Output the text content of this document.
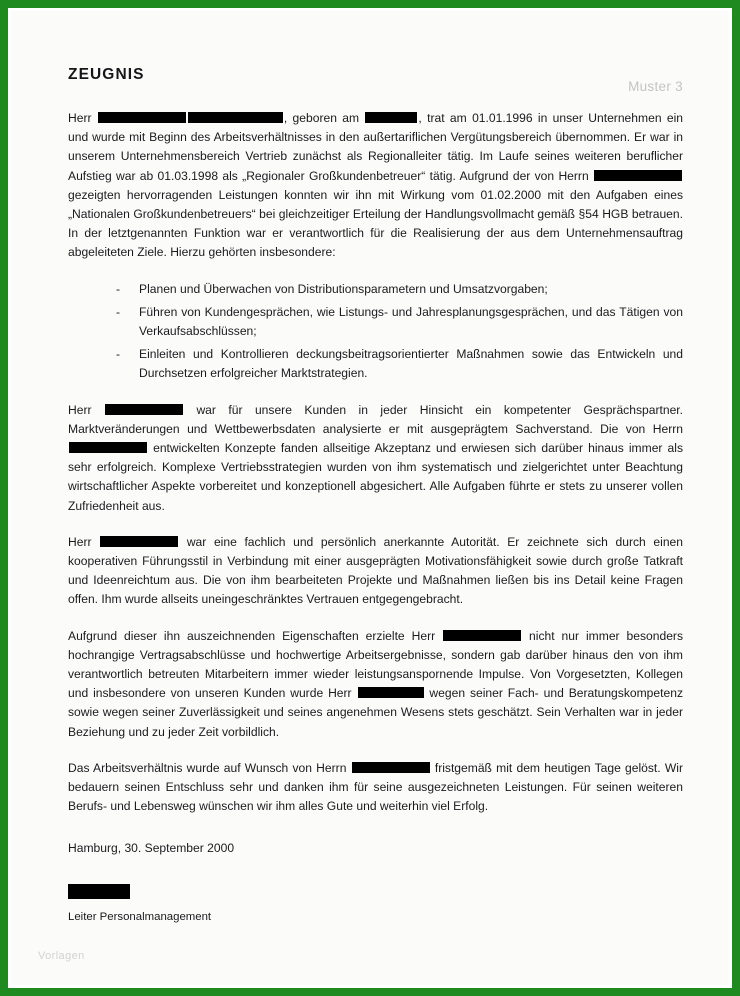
Muster 3
ZEUGNIS

Herr	, geboren am	, trat am 01.01.1996 in unser Unternehmen ein und wurde mit Beginn des Arbeitsverhältnisses in den außertariflichen Vergütungsbereich übernommen. Er war in unserem Unternehmensbereich Vertrieb zunächst als Regionalleiter tätig. Im Laufe seines weiteren beruflicher Aufstieg war ab 01.03.1998 als „Regionaler Großkundenbetreuer“ tätig. Aufgrund der von Herrn  gezeigten hervorragenden Leistungen konnten wir ihn mit Wirkung vom 01.02.2000 mit den Aufgaben eines „Nationalen Großkundenbetreuers“ bei gleichzeitiger Erteilung der Handlungsvollmacht gemäß §54 HGB betrauen. In der letztgenannten Funktion war er verantwortlich für die Realisierung der aus dem Unternehmensauftrag abgeleiteten Ziele. Hierzu gehörten insbesondere:

- Planen und Überwachen von Distributionsparametern und Umsatzvorgaben;
- Führen von Kundengesprächen, wie Listungs- und Jahresplanungsgesprächen, und das Tätigen von Verkaufsabschlüssen;
- Einleiten und Kontrollieren deckungsbeitragsorientierter Maßnahmen sowie das Entwickeln und Durchsetzen erfolgreicher Marktstrategien.

Herr	war für unsere Kunden in jeder Hinsicht ein kompetenter Gesprächspartner. Marktveränderungen und Wettbewerbsdaten analysierte er mit ausgeprägtem Sachverstand. Die von Herrn  entwickelten Konzepte fanden allseitige Akzeptanz und erwiesen sich darüber hinaus immer als sehr erfolgreich. Komplexe Vertriebsstrategien wurden von ihm systematisch und zielgerichtet unter Beachtung wirtschaftlicher Aspekte vorbereitet und konzeptionell abgesichert. Alle Aufgaben führte er stets zu unserer vollen Zufriedenheit aus.

Herr	war eine fachlich und persönlich anerkannte Autorität. Er zeichnete sich durch einen kooperativen Führungsstil in Verbindung mit einer ausgeprägten Motivationsfähigkeit sowie durch große Tatkraft und Ideenreichtum aus. Die von ihm bearbeiteten Projekte und Maßnahmen ließen bis ins Detail keine Fragen offen. Ihm wurde allseits uneingeschränktes Vertrauen entgegengebracht.

Aufgrund dieser ihn auszeichnenden Eigenschaften erzielte Herr	nicht nur immer besonders hochrangige Vertragsabschlüsse und hochwertige Arbeitsergebnisse, sondern gab darüber hinaus den von ihm verantwortlich betreuten Mitarbeitern immer wieder leistungsanspornende Impulse. Von Vorgesetzten, Kollegen und insbesondere von unseren Kunden wurde Herr	wegen seiner Fach- und Beratungskompetenz sowie wegen seiner Zuverlässigkeit und seines angenehmen Wesens stets geschätzt. Sein Verhalten war in jeder Beziehung und zu jeder Zeit vorbildlich.

Das Arbeitsverhältnis wurde auf Wunsch von Herrn	fristgemäß mit dem heutigen Tage gelöst. Wir bedauern seinen Entschluss sehr und danken ihm für seine ausgezeichneten Leistungen. Für seinen weiteren Berufs- und Lebensweg wünschen wir ihm alles Gute und weiterhin viel Erfolg.

Hamburg, 30. September 2000

Leiter Personalmanagement

Vorlagen
